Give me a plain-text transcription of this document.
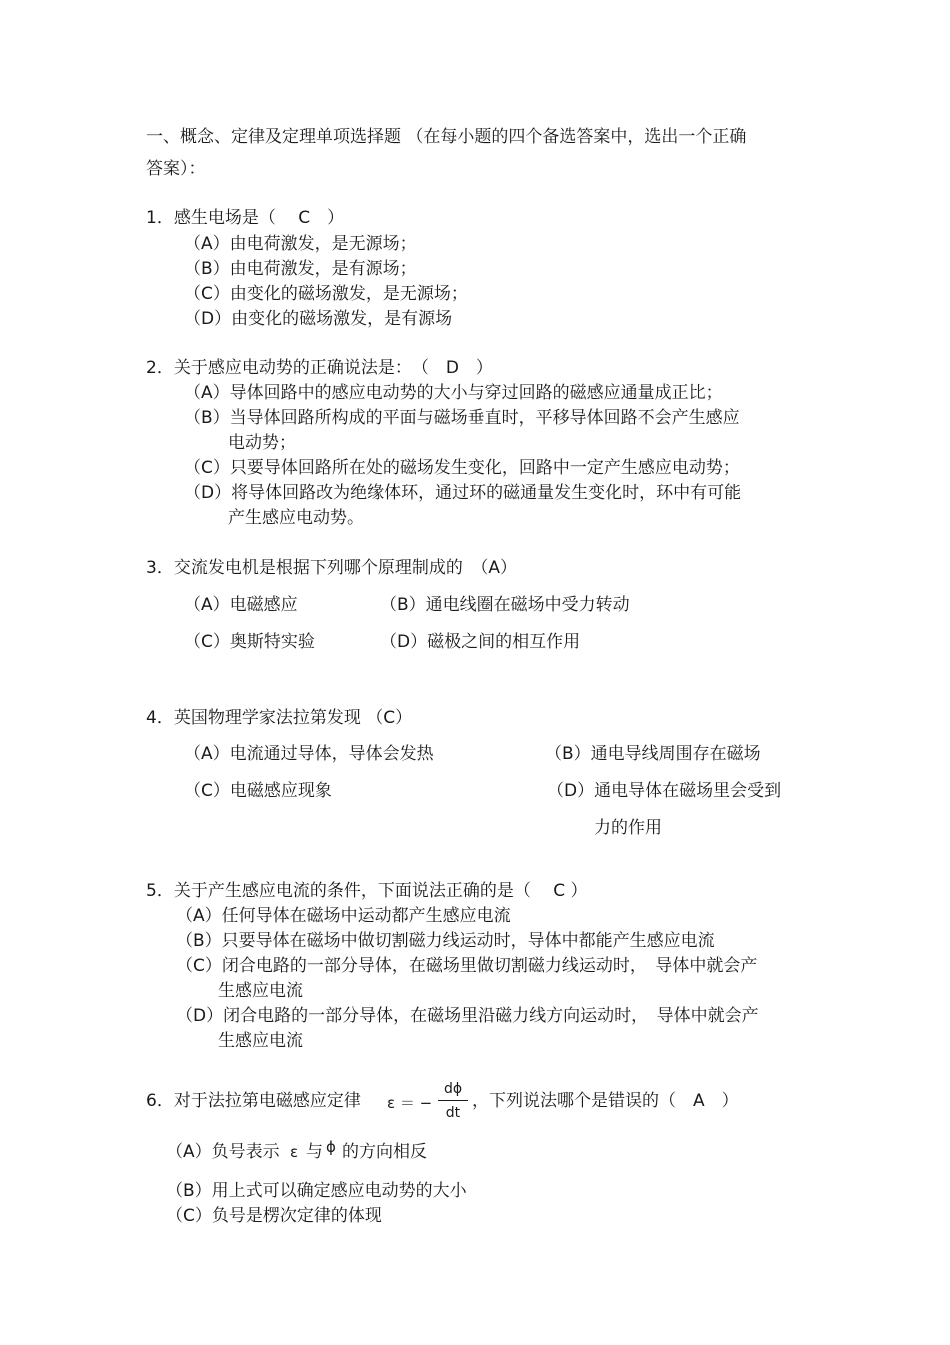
一、概念、定律及定理单项选择题 （在每小题的四个备选答案中，选出一个正确
答案）：
1．感生电场是（　 C　）
（A）由电荷激发，是无源场；
（B）由电荷激发，是有源场；
（C）由变化的磁场激发，是无源场；
（D）由变化的磁场激发，是有源场
2．关于感应电动势的正确说法是：　（　D　）
（A）导体回路中的感应电动势的大小与穿过回路的磁感应通量成正比；
（B）当导体回路所构成的平面与磁场垂直时，平移导体回路不会产生感应
电动势；
（C）只要导体回路所在处的磁场发生变化，回路中一定产生感应电动势；
（D）将导体回路改为绝缘体环，通过环的磁通量发生变化时，环中有可能
产生感应电动势。
3．交流发电机是根据下列哪个原理制成的　（A）
（A）电磁感应	（B）通电线圈在磁场中受力转动
（C）奥斯特实验	（D）磁极之间的相互作用
4．英国物理学家法拉第发现 （C）
（A）电流通过导体，导体会发热	（B）通电导线周围存在磁场
（C）电磁感应现象	（D）通电导体在磁场里会受到
力的作用
5．关于产生感应电流的条件，下面说法正确的是（　 C ）
（A）任何导体在磁场中运动都产生感应电流
（B）只要导体在磁场中做切割磁力线运动时，导体中都能产生感应电流
（C）闭合电路的一部分导体，在磁场里做切割磁力线运动时，　导体中就会产
生感应电流
（D）闭合电路的一部分导体，在磁场里沿磁力线方向运动时，　导体中就会产
生感应电流
6．对于法拉第电磁感应定律 ε ＝ −
dϕ
dt
，下列说法哪个是错误的（　A　）
（A）负号表示 ε 与 ϕ 的方向相反
（B）用上式可以确定感应电动势的大小
（C）负号是楞次定律的体现
